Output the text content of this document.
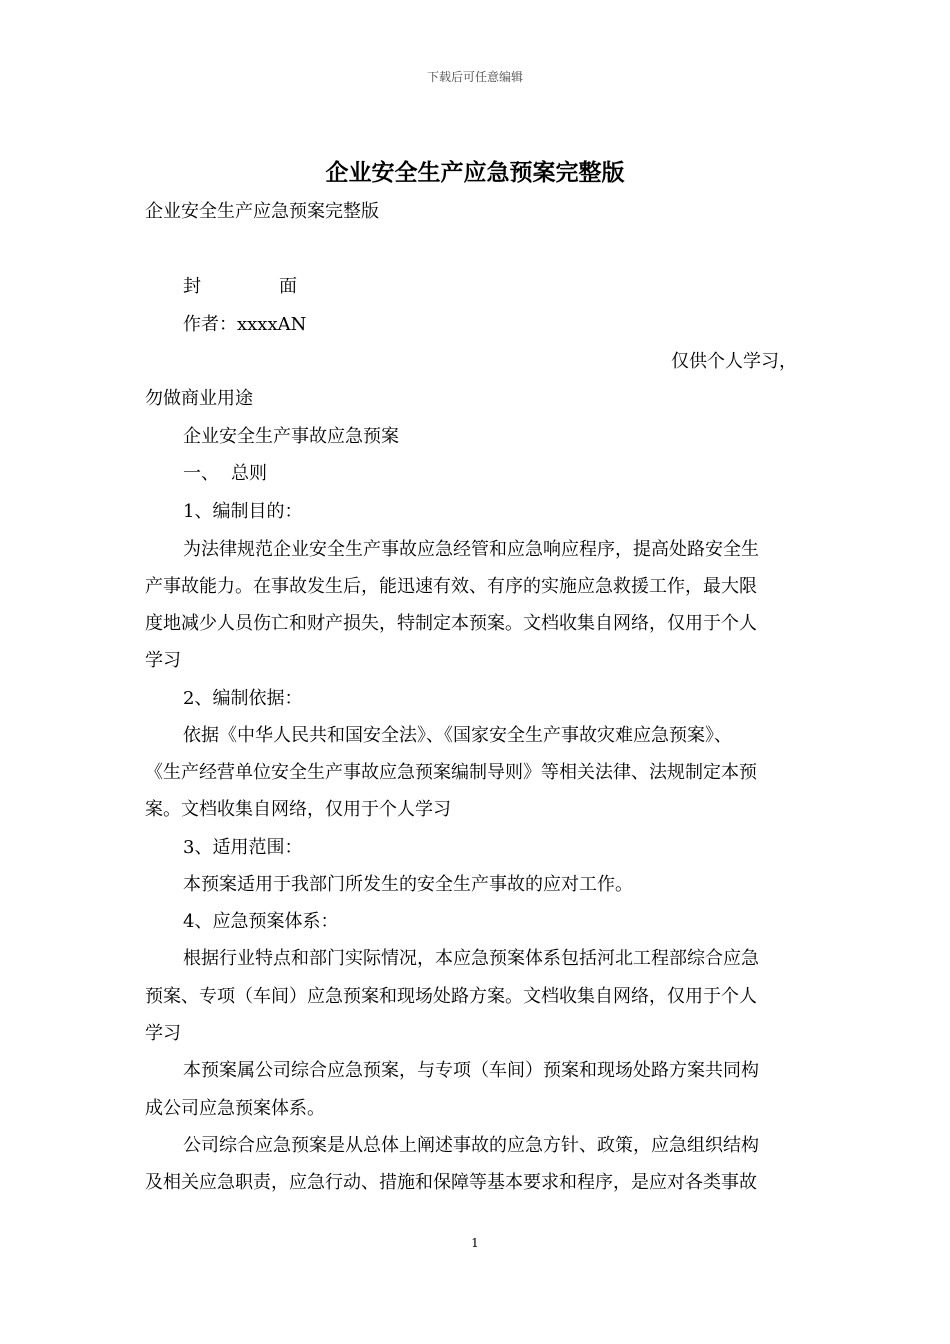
下载后可任意编辑
企业安全生产应急预案完整版
企业安全生产应急预案完整版
封	面
作者：xxxxAN
仅供个人学习，
勿做商业用途
企业安全生产事故应急预案
一、 总则
1、编制目的：
为法律规范企业安全生产事故应急经管和应急响应程序，提高处路安全生
产事故能力。在事故发生后，能迅速有效、有序的实施应急救援工作，最大限
度地减少人员伤亡和财产损失，特制定本预案。文档收集自网络，仅用于个人
学习
2、编制依据：
依据《中华人民共和国安全法》、《国家安全生产事故灾难应急预案》、
《生产经营单位安全生产事故应急预案编制导则》等相关法律、法规制定本预
案。文档收集自网络，仅用于个人学习
3、适用范围：
本预案适用于我部门所发生的安全生产事故的应对工作。
4、应急预案体系：
根据行业特点和部门实际情况，本应急预案体系包括河北工程部综合应急
预案、专项（车间）应急预案和现场处路方案。文档收集自网络，仅用于个人
学习
本预案属公司综合应急预案，与专项（车间）预案和现场处路方案共同构
成公司应急预案体系。
公司综合应急预案是从总体上阐述事故的应急方针、政策，应急组织结构
及相关应急职责，应急行动、措施和保障等基本要求和程序，是应对各类事故
1
